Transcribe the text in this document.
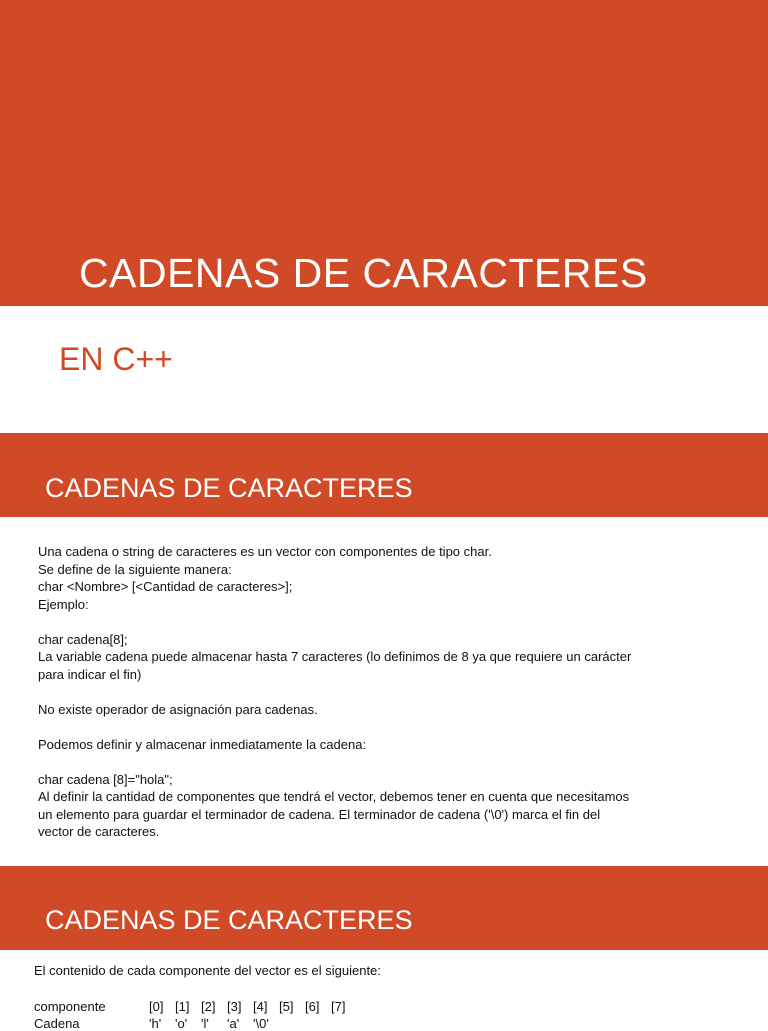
CADENAS DE CARACTERES
EN C++
CADENAS DE CARACTERES
Una cadena o string de caracteres es un vector con componentes de tipo char.
Se define de la siguiente manera:
char <Nombre> [<Cantidad de caracteres>];
Ejemplo:
char cadena[8];
La variable cadena puede almacenar hasta 7 caracteres (lo definimos de 8 ya que requiere un carácter
para indicar el fin)
No existe operador de asignación para cadenas.
Podemos definir y almacenar inmediatamente la cadena:
char cadena [8]="hola";
Al definir la cantidad de componentes que tendrá el vector, debemos tener en cuenta que necesitamos
un elemento para guardar el terminador de cadena. El terminador de cadena ('\0') marca el fin del
vector de caracteres.
CADENAS DE CARACTERES
El contenido de cada componente del vector es el siguiente:
componente	[0] [1] [2] [3] [4] [5] [6] [7]
Cadena	'h' 'o' 'l' 'a' '\0'
